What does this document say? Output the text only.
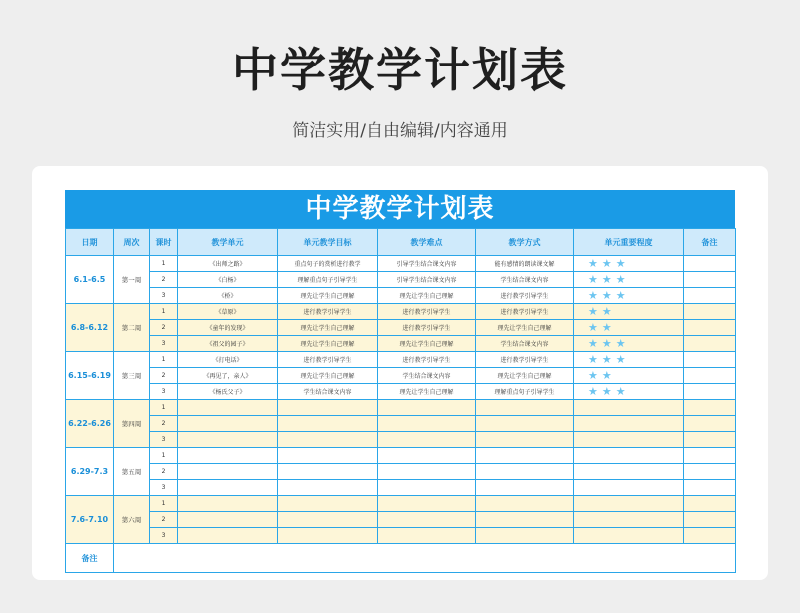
中学教学计划表
简洁实用/自由编辑/内容通用
中学教学计划表
日期	周次	课时	教学单元	单元教学目标	教学难点	教学方式	单元重要程度	备注
6.1-6.5	第一周	1	《出师之路》	重点句子的赏析进行教学	引导学生结合课文内容	能有感情的朗读课文解	★★★	
		2	《白杨》	理解重点句子引导学生	引导学生结合课文内容	学生结合课文内容	★★★	
		3	《桥》	理先让学生自己理解	理先让学生自己理解	进行教学引导学生	★★★	
6.8-6.12	第二周	1	《草原》	进行教学引导学生	进行教学引导学生	进行教学引导学生	★★	
		2	《童年的发现》	理先让学生自己理解	进行教学引导学生	理先让学生自己理解	★★	
		3	《祖父的园子》	理先让学生自己理解	理先让学生自己理解	学生结合课文内容	★★★	
6.15-6.19	第三周	1	《打电话》	进行教学引导学生	进行教学引导学生	进行教学引导学生	★★★	
		2	《再见了，亲人》	理先让学生自己理解	学生结合课文内容	理先让学生自己理解	★★	
		3	《杨氏父子》	学生结合课文内容	理先让学生自己理解	理解重点句子引导学生	★★★	
6.22-6.26	第四周	1						
		2						
		3						
6.29-7.3	第五周	1						
		2						
		3						
7.6-7.10	第六周	1						
		2						
		3						
备注								
